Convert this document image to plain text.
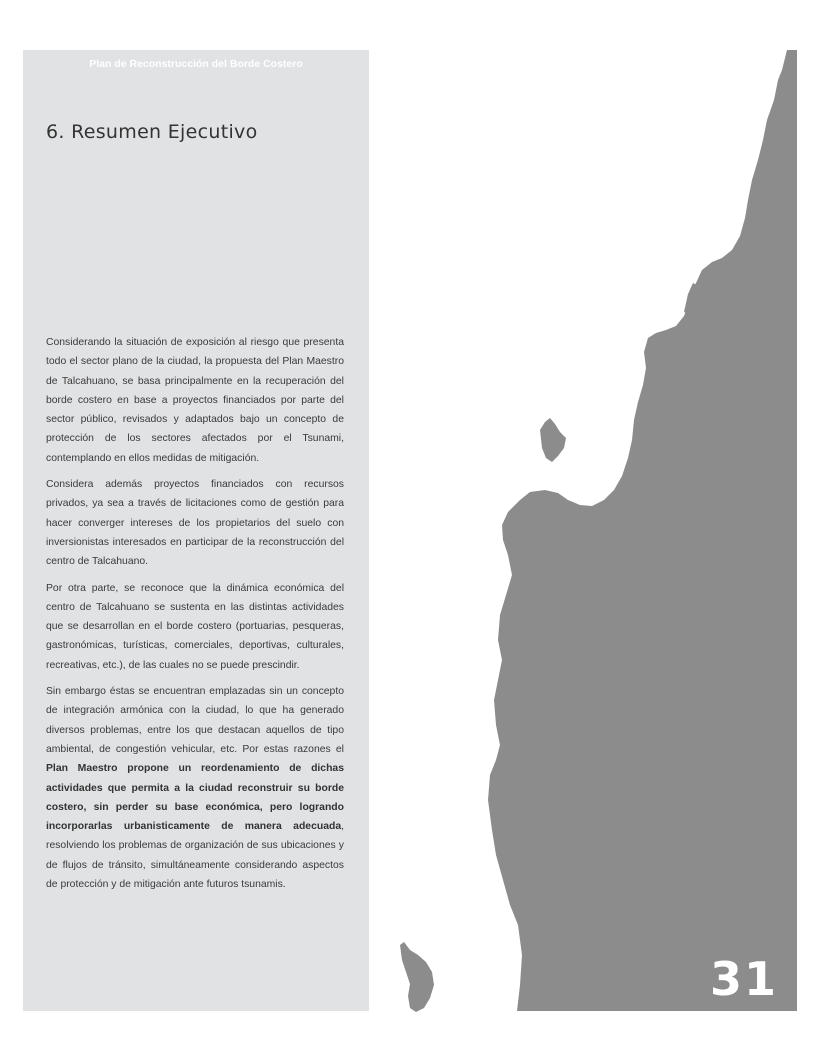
Plan de Reconstrucción del Borde Costero
6. Resumen Ejecutivo

Considerando la situación de exposición al riesgo que presenta todo el sector plano de la ciudad, la propuesta del Plan Maestro de Talcahuano, se basa principalmente en la recuperación del borde costero en base a proyectos financiados por parte del sector público, revisados y adaptados bajo un concepto de protección de los sectores afectados por el Tsunami, contemplando en ellos medidas de mitigación.

Considera además proyectos financiados con recursos privados, ya sea a través de licitaciones como de gestión para hacer converger intereses de los propietarios del suelo con inversionistas interesados en participar de la reconstrucción del centro de Talcahuano.

Por otra parte, se reconoce que la dinámica económica del centro de Talcahuano se sustenta en las distintas actividades que se desarrollan en el borde costero (portuarias, pesqueras, gastronómicas, turísticas, comerciales, deportivas, culturales, recreativas, etc.), de las cuales no se puede prescindir.

Sin embargo éstas se encuentran emplazadas sin un concepto de integración armónica con la ciudad, lo que ha generado diversos problemas, entre los que destacan aquellos de tipo ambiental, de congestión vehicular, etc. Por estas razones el Plan Maestro propone un reordenamiento de dichas actividades que permita a la ciudad reconstruir su borde costero, sin perder su base económica, pero logrando incorporarlas urbanisticamente de manera adecuada, resolviendo los problemas de organización de sus ubicaciones y de flujos de tránsito, simultáneamente considerando aspectos de protección y de mitigación ante futuros tsunamis.

PRBC18
31
